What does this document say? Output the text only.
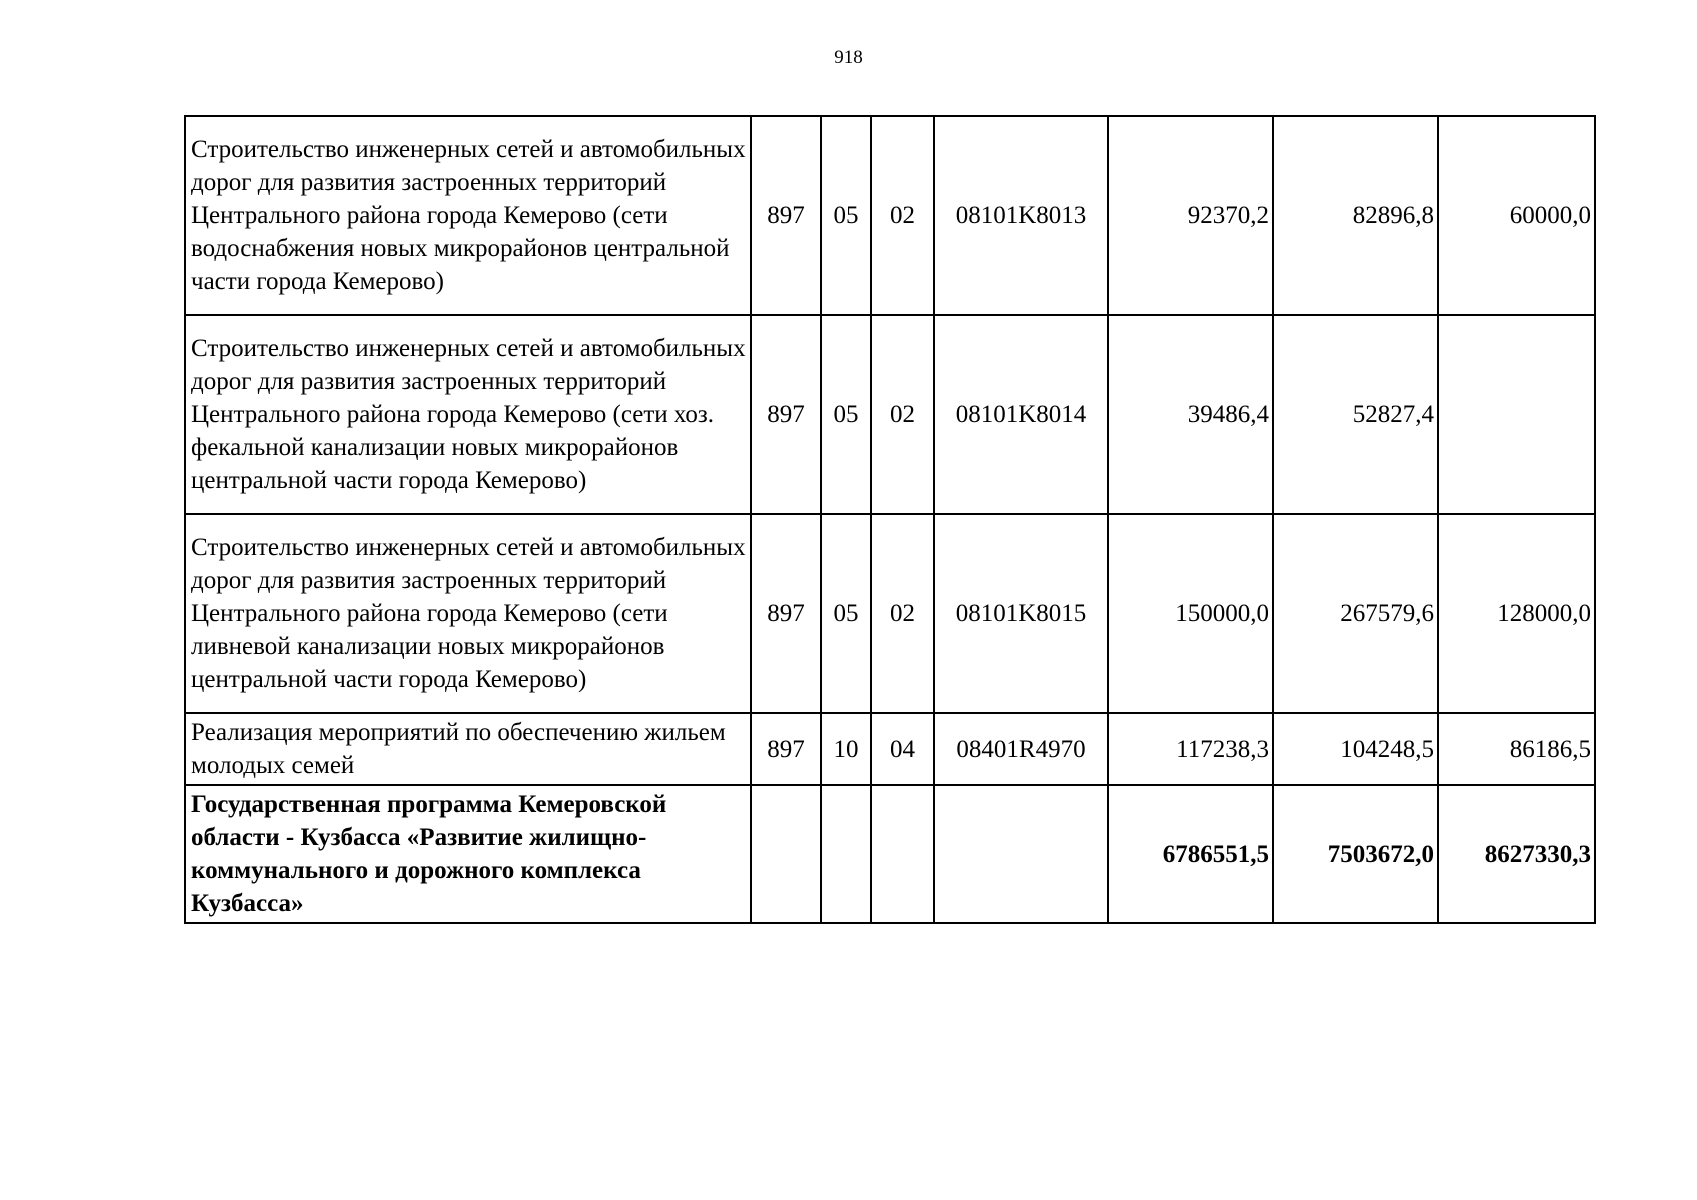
918
Строительство инженерных сетей и автомобильных дорог для развития застроенных территорий Центрального района города Кемерово (сети водоснабжения новых микрорайонов центральной части города Кемерово)	897	05	02	08101K8013	92370,2	82896,8	60000,0
Строительство инженерных сетей и автомобильных дорог для развития застроенных территорий Центрального района города Кемерово (сети хоз. фекальной канализации новых микрорайонов центральной части города Кемерово)	897	05	02	08101K8014	39486,4	52827,4	
Строительство инженерных сетей и автомобильных дорог для развития застроенных территорий Центрального района города Кемерово (сети ливневой канализации новых микрорайонов центральной части города Кемерово)	897	05	02	08101K8015	150000,0	267579,6	128000,0
Реализация мероприятий по обеспечению жильем молодых семей	897	10	04	08401R4970	117238,3	104248,5	86186,5
Государственная программа Кемеровской области - Кузбасса «Развитие жилищно-коммунального и дорожного комплекса Кузбасса»					6786551,5	7503672,0	8627330,3
